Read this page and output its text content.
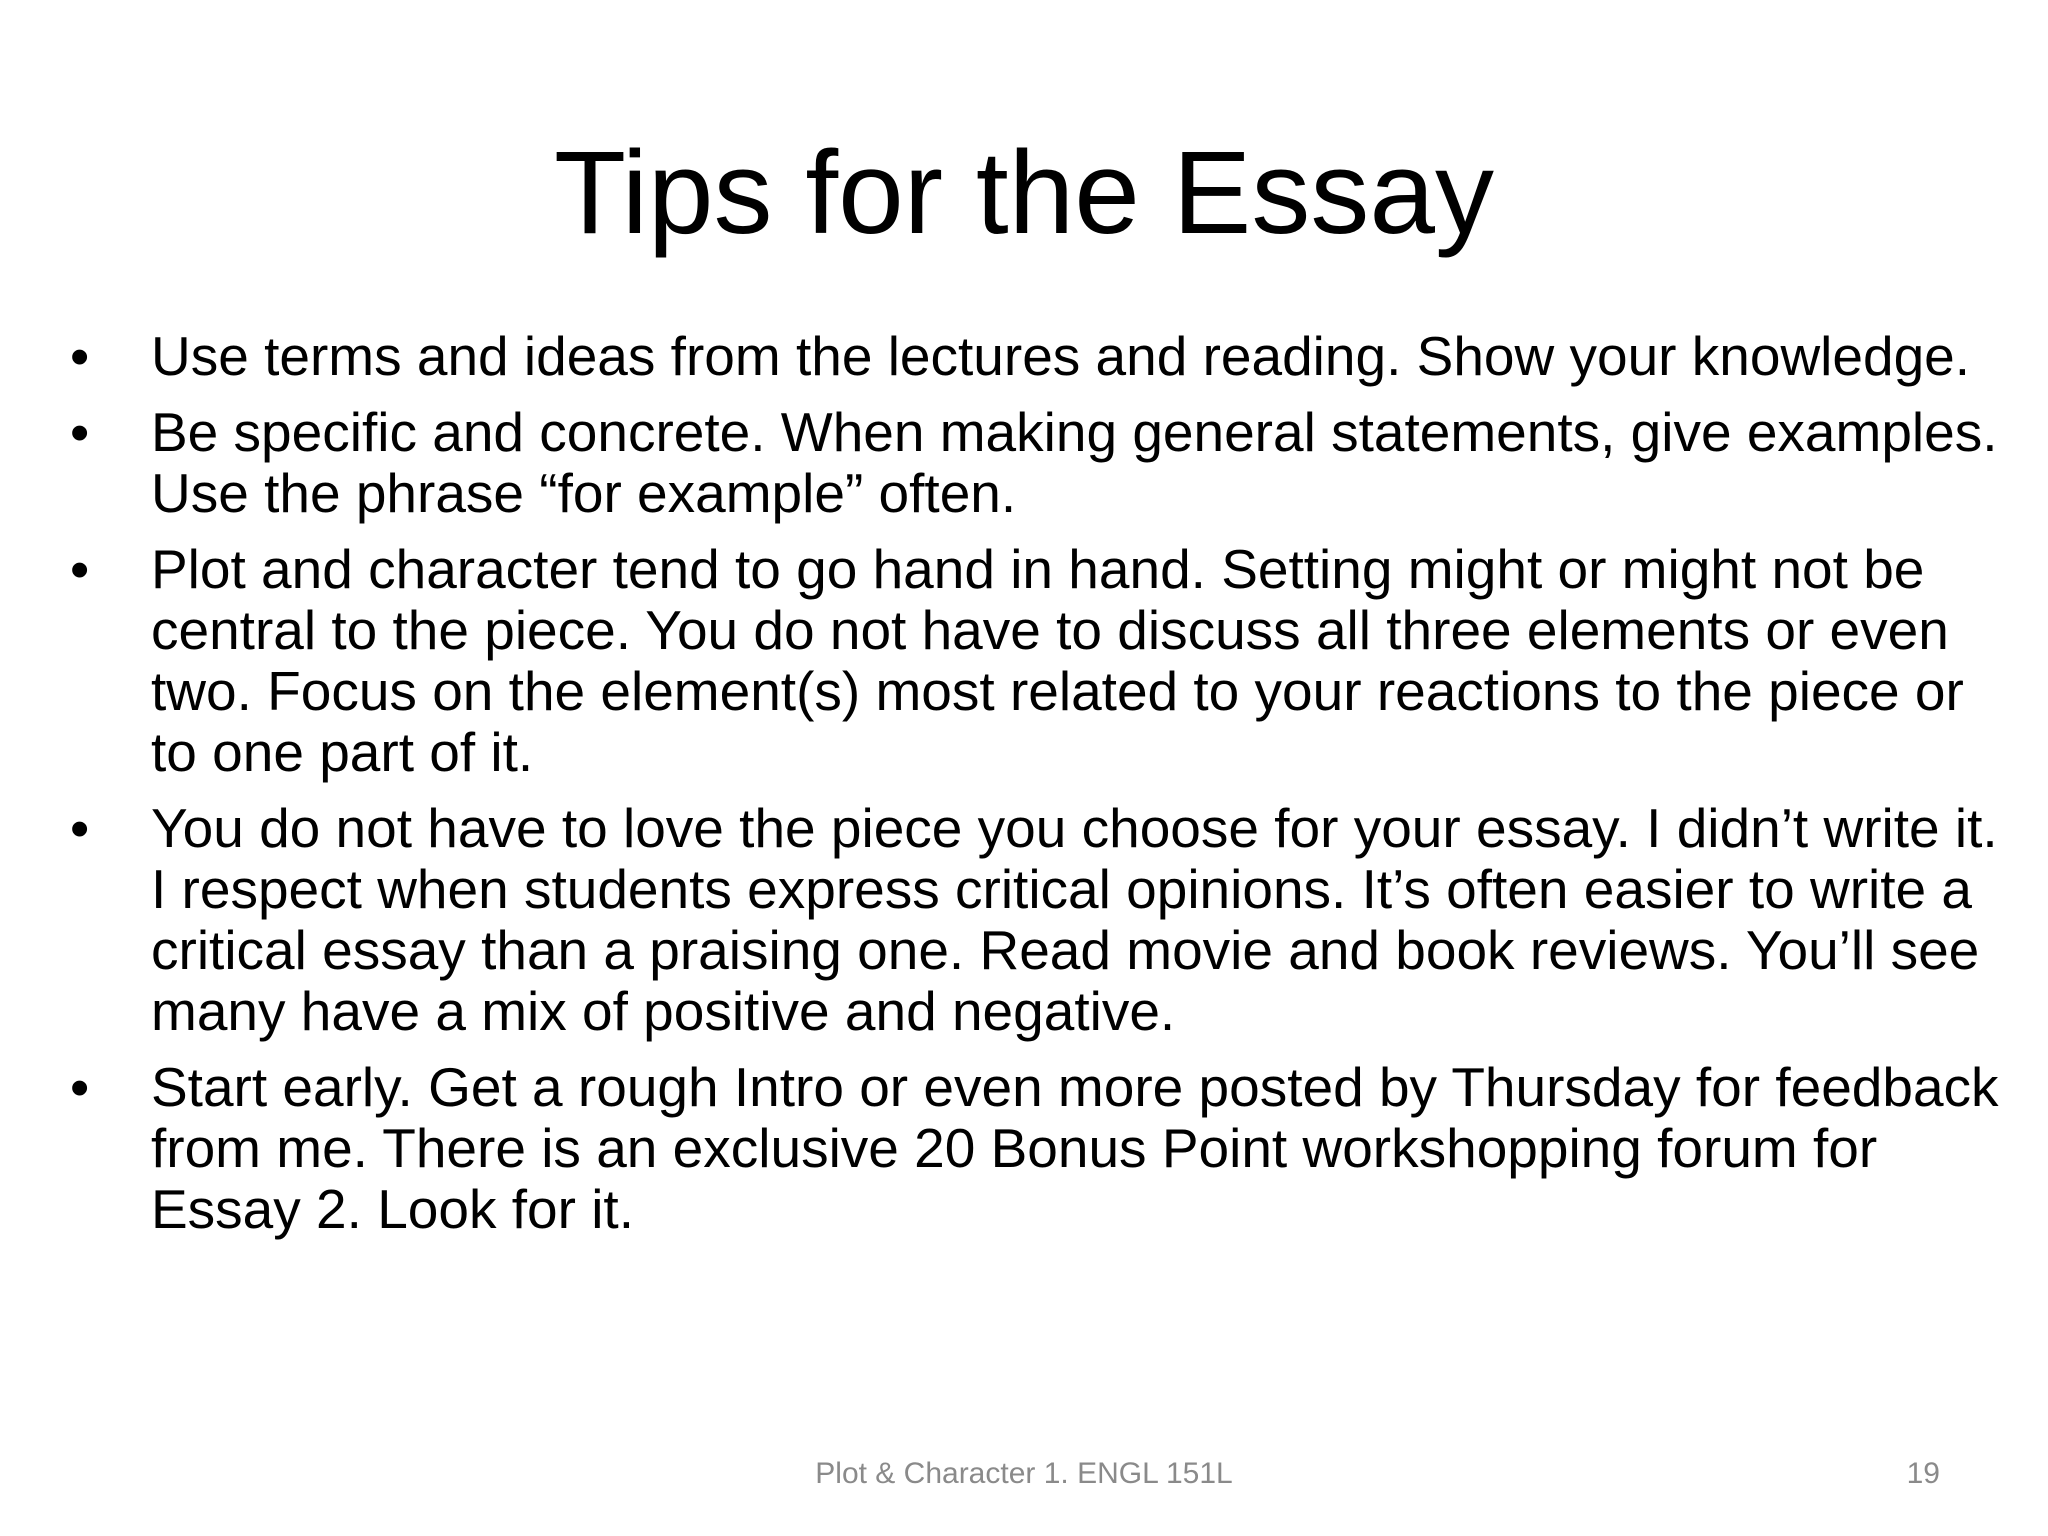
Tips for the Essay
•	Use terms and ideas from the lectures and reading. Show your knowledge.
•	Be specific and concrete. When making general statements, give examples. Use the phrase “for example” often.
•	Plot and character tend to go hand in hand. Setting might or might not be central to the piece. You do not have to discuss all three elements or even two. Focus on the element(s) most related to your reactions to the piece or to one part of it.
•	You do not have to love the piece you choose for your essay. I didn’t write it. I respect when students express critical opinions. It’s often easier to write a critical essay than a praising one. Read movie and book reviews. You’ll see many have a mix of positive and negative.
•	Start early. Get a rough Intro or even more posted by Thursday for feedback from me. There is an exclusive 20 Bonus Point workshopping forum for Essay 2. Look for it.
Plot & Character 1. ENGL 151L	19
